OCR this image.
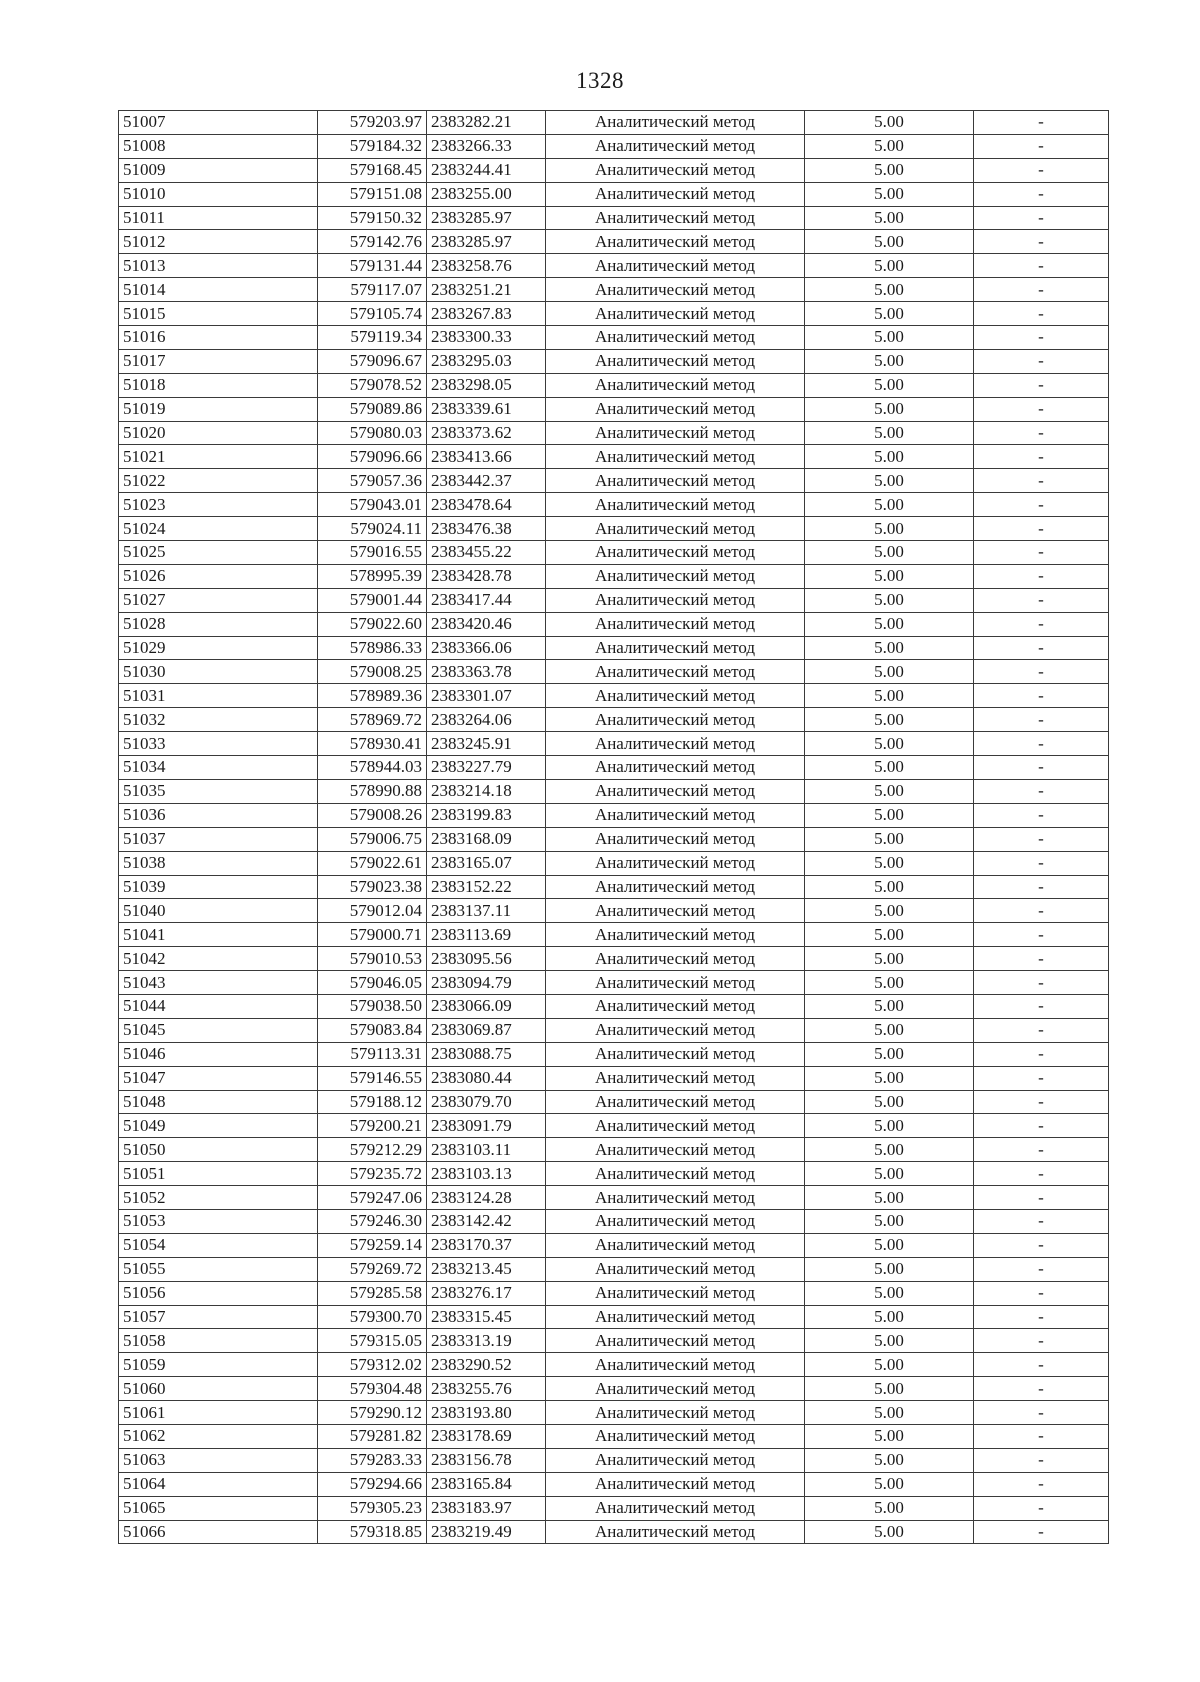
1328
51007	579203.97	2383282.21	Аналитический метод	5.00	-
51008	579184.32	2383266.33	Аналитический метод	5.00	-
51009	579168.45	2383244.41	Аналитический метод	5.00	-
51010	579151.08	2383255.00	Аналитический метод	5.00	-
51011	579150.32	2383285.97	Аналитический метод	5.00	-
51012	579142.76	2383285.97	Аналитический метод	5.00	-
51013	579131.44	2383258.76	Аналитический метод	5.00	-
51014	579117.07	2383251.21	Аналитический метод	5.00	-
51015	579105.74	2383267.83	Аналитический метод	5.00	-
51016	579119.34	2383300.33	Аналитический метод	5.00	-
51017	579096.67	2383295.03	Аналитический метод	5.00	-
51018	579078.52	2383298.05	Аналитический метод	5.00	-
51019	579089.86	2383339.61	Аналитический метод	5.00	-
51020	579080.03	2383373.62	Аналитический метод	5.00	-
51021	579096.66	2383413.66	Аналитический метод	5.00	-
51022	579057.36	2383442.37	Аналитический метод	5.00	-
51023	579043.01	2383478.64	Аналитический метод	5.00	-
51024	579024.11	2383476.38	Аналитический метод	5.00	-
51025	579016.55	2383455.22	Аналитический метод	5.00	-
51026	578995.39	2383428.78	Аналитический метод	5.00	-
51027	579001.44	2383417.44	Аналитический метод	5.00	-
51028	579022.60	2383420.46	Аналитический метод	5.00	-
51029	578986.33	2383366.06	Аналитический метод	5.00	-
51030	579008.25	2383363.78	Аналитический метод	5.00	-
51031	578989.36	2383301.07	Аналитический метод	5.00	-
51032	578969.72	2383264.06	Аналитический метод	5.00	-
51033	578930.41	2383245.91	Аналитический метод	5.00	-
51034	578944.03	2383227.79	Аналитический метод	5.00	-
51035	578990.88	2383214.18	Аналитический метод	5.00	-
51036	579008.26	2383199.83	Аналитический метод	5.00	-
51037	579006.75	2383168.09	Аналитический метод	5.00	-
51038	579022.61	2383165.07	Аналитический метод	5.00	-
51039	579023.38	2383152.22	Аналитический метод	5.00	-
51040	579012.04	2383137.11	Аналитический метод	5.00	-
51041	579000.71	2383113.69	Аналитический метод	5.00	-
51042	579010.53	2383095.56	Аналитический метод	5.00	-
51043	579046.05	2383094.79	Аналитический метод	5.00	-
51044	579038.50	2383066.09	Аналитический метод	5.00	-
51045	579083.84	2383069.87	Аналитический метод	5.00	-
51046	579113.31	2383088.75	Аналитический метод	5.00	-
51047	579146.55	2383080.44	Аналитический метод	5.00	-
51048	579188.12	2383079.70	Аналитический метод	5.00	-
51049	579200.21	2383091.79	Аналитический метод	5.00	-
51050	579212.29	2383103.11	Аналитический метод	5.00	-
51051	579235.72	2383103.13	Аналитический метод	5.00	-
51052	579247.06	2383124.28	Аналитический метод	5.00	-
51053	579246.30	2383142.42	Аналитический метод	5.00	-
51054	579259.14	2383170.37	Аналитический метод	5.00	-
51055	579269.72	2383213.45	Аналитический метод	5.00	-
51056	579285.58	2383276.17	Аналитический метод	5.00	-
51057	579300.70	2383315.45	Аналитический метод	5.00	-
51058	579315.05	2383313.19	Аналитический метод	5.00	-
51059	579312.02	2383290.52	Аналитический метод	5.00	-
51060	579304.48	2383255.76	Аналитический метод	5.00	-
51061	579290.12	2383193.80	Аналитический метод	5.00	-
51062	579281.82	2383178.69	Аналитический метод	5.00	-
51063	579283.33	2383156.78	Аналитический метод	5.00	-
51064	579294.66	2383165.84	Аналитический метод	5.00	-
51065	579305.23	2383183.97	Аналитический метод	5.00	-
51066	579318.85	2383219.49	Аналитический метод	5.00	-
